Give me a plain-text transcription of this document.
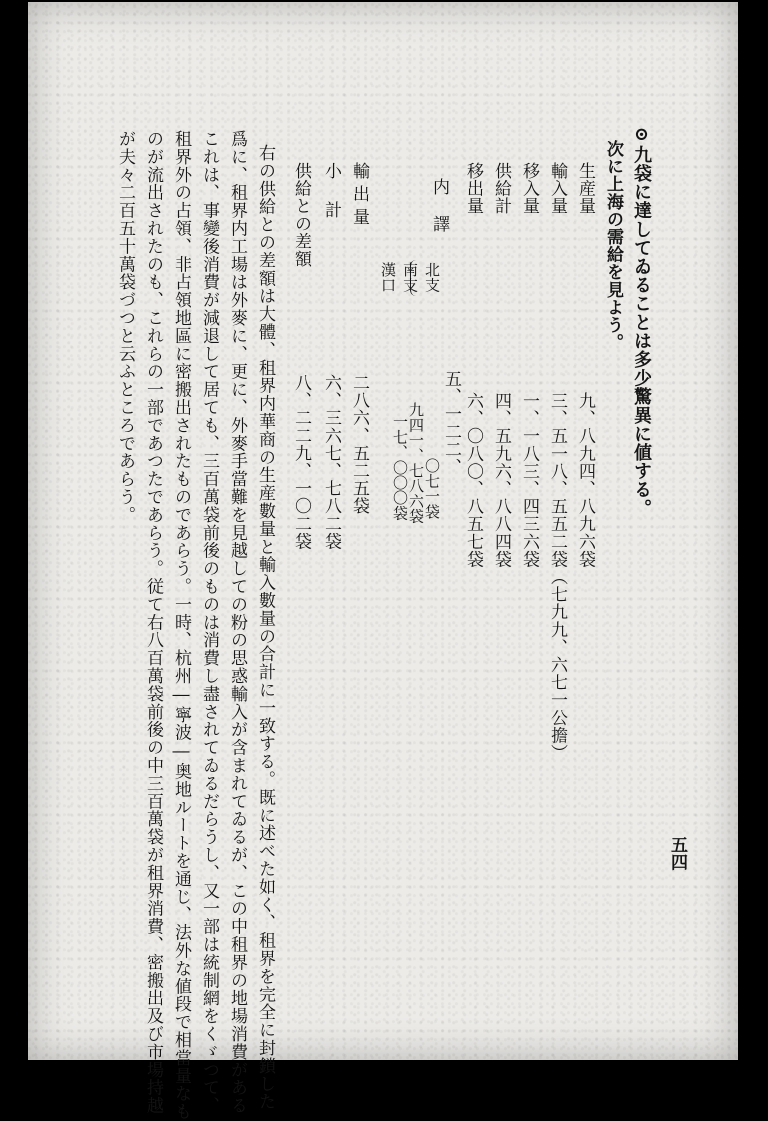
⊙九袋に達してゐることは多少驚異に値する。
次に上海の需給を見よう。
生産量
輸入量
移入量
供給計
移出量
九、八九四、八九六袋
三、五一八、五五二袋（七九九、六七一公擔）
一、一八三、四三六袋
四、五九六、八八四袋
六、〇八〇、八五七袋
内譯
北支
南支
漢口
五、一二二、
〇七一袋
九四一、七八六袋
一七、〇〇〇袋
輸出量
小計
供給との差額
二八六、五二五袋
六、三六七、七八二袋
八、二二九、一〇二袋
右の供給との差額は大體、租界内華商の生産數量と輸入數量の合計に一致する。既に述べた如く、租界を完全に封鎖した
爲に、租界内工場は外麥に、更に、外麥手當難を見越しての粉の思惑輸入が含まれてゐるが、この中租界の地場消費がある
これは、事變後消費が減退して居ても、三百萬袋前後のものは消費し盡されてゐるだらうし、又一部は統制網をくゞつて、
租界外の占領、非占領地區に密搬出されたものであらう。一時、杭州―寧波―奥地ルートを通じ、法外な値段で相當量なも
のが流出されたのも、これらの一部であつたであらう。従て右八百萬袋前後の中三百萬袋が租界消費、密搬出及び市場持越
が夫々二百五十萬袋づつと云ふところであらう。
五四
